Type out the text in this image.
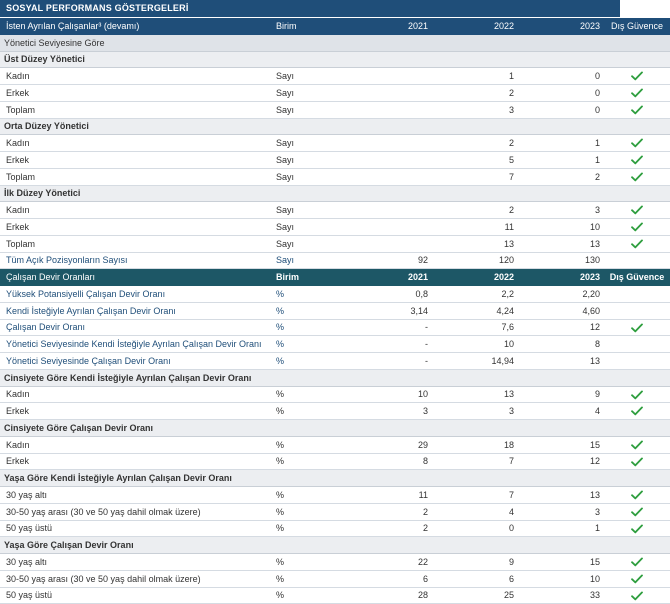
SOSYAL PERFORMANS GÖSTERGELERİ
İsten Ayrılan Çalışanlar³ (devamı)	Birim	2021	2022	2023	Dış Güvence
Yönetici Seviyesine Göre					
Üst Düzey Yönetici					
Kadın	Sayı		1	0	
Erkek	Sayı		2	0	
Toplam	Sayı		3	0	
Orta Düzey Yönetici					
Kadın	Sayı		2	1	
Erkek	Sayı		5	1	
Toplam	Sayı		7	2	
İlk Düzey Yönetici					
Kadın	Sayı		2	3	
Erkek	Sayı		11	10	
Toplam	Sayı		13	13	
Tüm Açık Pozisyonların Sayısı	Sayı	92	120	130	
Çalışan Devir Oranları	Birim	2021	2022	2023	Dış Güvence
Yüksek Potansiyelli Çalışan Devir Oranı	%	0,8	2,2	2,20	
Kendi İsteğiyle Ayrılan Çalışan Devir Oranı	%	3,14	4,24	4,60	
Çalışan Devir Oranı	%	-	7,6	12	
Yönetici Seviyesinde Kendi İsteğiyle Ayrılan Çalışan Devir Oranı	%	-	10	8	
Yönetici Seviyesinde Çalışan Devir Oranı	%	-	14,94	13	
Cinsiyete Göre Kendi İsteğiyle Ayrılan Çalışan Devir Oranı					
Kadın	%	10	13	9	
Erkek	%	3	3	4	
Cinsiyete Göre Çalışan Devir Oranı					
Kadın	%	29	18	15	
Erkek	%	8	7	12	
Yaşa Göre Kendi İsteğiyle Ayrılan Çalışan Devir Oranı					
30 yaş altı	%	11	7	13	
30-50 yaş arası (30 ve 50 yaş dahil olmak üzere)	%	2	4	3	
50 yaş üstü	%	2	0	1	
Yaşa Göre Çalışan Devir Oranı					
30 yaş altı	%	22	9	15	
30-50 yaş arası (30 ve 50 yaş dahil olmak üzere)	%	6	6	10	
50 yaş üstü	%	28	25	33	
